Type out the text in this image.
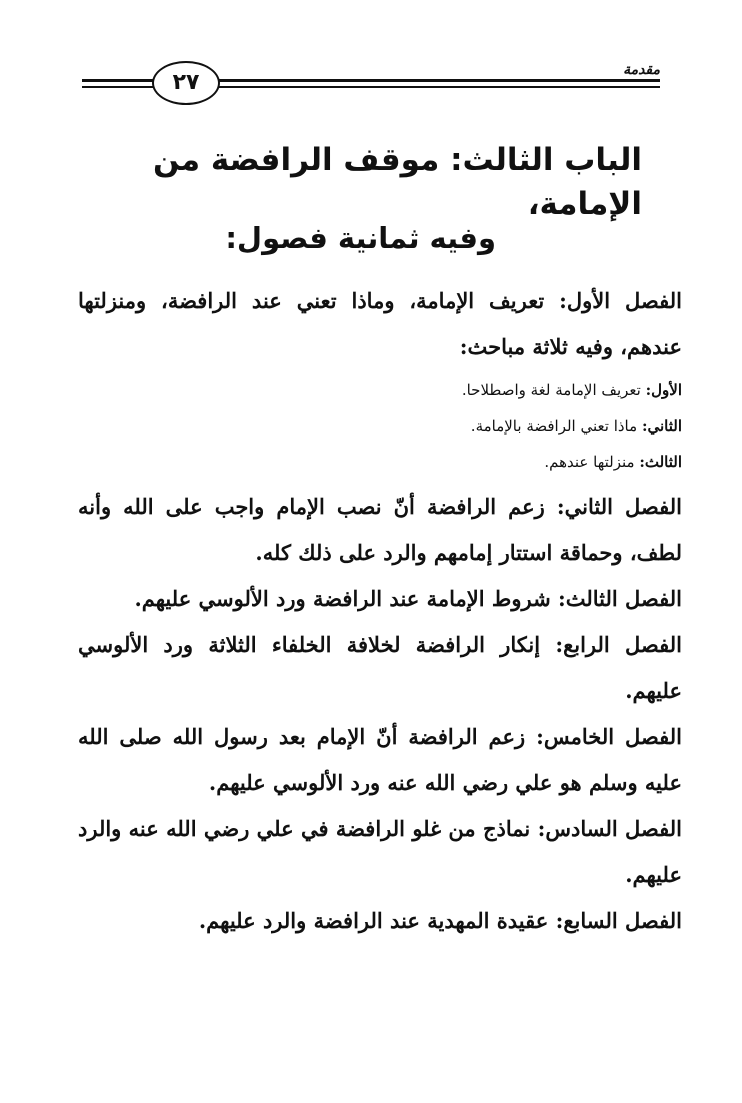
٢٧	مقدمة
الباب الثالث: موقف الرافضة من الإمامة،
وفيه ثمانية فصول:

الفصل الأول: تعريف الإمامة، وماذا تعني عند الرافضة، ومنزلتها عندهم، وفيه ثلاثة مباحث:

الأول: تعريف الإمامة لغة واصطلاحا.

الثاني: ماذا تعني الرافضة بالإمامة.

الثالث: منزلتها عندهم.

الفصل الثاني: زعم الرافضة أنّ نصب الإمام واجب على الله وأنه لطف، وحماقة استتار إمامهم والرد على ذلك كله.

الفصل الثالث: شروط الإمامة عند الرافضة ورد الألوسي عليهم.

الفصل الرابع: إنكار الرافضة لخلافة الخلفاء الثلاثة ورد الألوسي عليهم.

الفصل الخامس: زعم الرافضة أنّ الإمام بعد رسول الله صلى الله عليه وسلم هو علي رضي الله عنه ورد الألوسي عليهم.

الفصل السادس: نماذج من غلو الرافضة في علي رضي الله عنه والرد عليهم.

الفصل السابع: عقيدة المهدية عند الرافضة والرد عليهم.
